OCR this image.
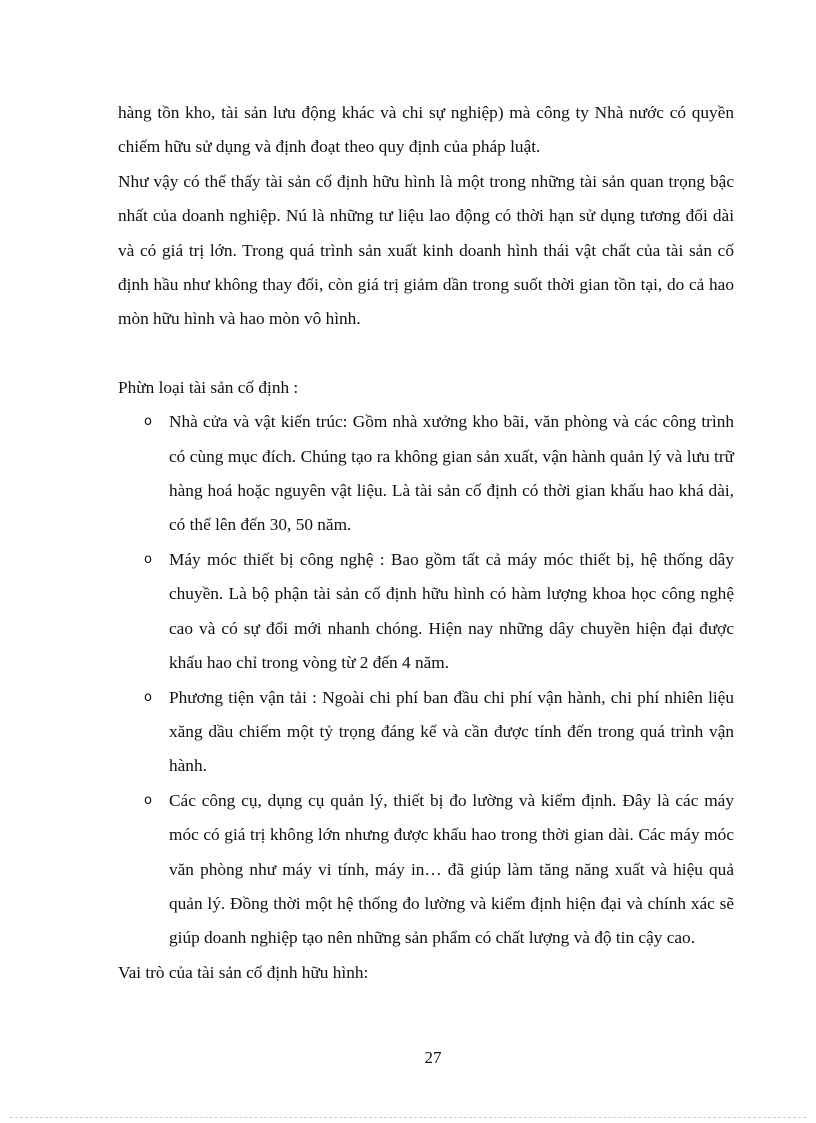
hàng tồn kho, tài sản lưu động khác và chi sự nghiệp) mà công ty Nhà nước có quyền chiếm hữu sử dụng và định đoạt theo quy định của pháp luật.

Như vậy có thể thấy tài sản cố định hữu hình là một trong những tài sản quan trọng bậc nhất của doanh nghiệp. Nú là những tư liệu lao động có thời hạn sử dụng tương đối dài và có giá trị lớn. Trong quá trình sản xuất kinh doanh hình thái vật chất của tài sản cố định hầu như không thay đổi, còn giá trị giảm dần trong suốt thời gian tồn tại, do cả hao mòn hữu hình và hao mòn vô hình.

Phừn loại tài sản cố định :

o Nhà cửa và vật kiến trúc: Gồm nhà xưởng kho bãi, văn phòng và các công trình có cùng mục đích. Chúng tạo ra không gian sản xuất, vận hành quản lý và lưu trữ hàng hoá hoặc nguyên vật liệu. Là tài sản cố định có thời gian khấu hao khá dài, có thể lên đến 30, 50 năm.
o Máy móc thiết bị công nghệ : Bao gồm tất cả máy móc thiết bị, hệ thống dây chuyền. Là bộ phận tài sản cố định hữu hình có hàm lượng khoa học công nghệ cao và có sự đổi mới nhanh chóng. Hiện nay những dây chuyền hiện đại được khấu hao chỉ trong vòng từ 2 đến 4 năm.
o Phương tiện vận tải : Ngoài chi phí ban đầu chi phí vận hành, chi phí nhiên liệu xăng dầu chiếm một tỷ trọng đáng kể và cần được tính đến trong quá trình vận hành.
o Các công cụ, dụng cụ quản lý, thiết bị đo lường và kiểm định. Đây là các máy móc có giá trị không lớn nhưng được khấu hao trong thời gian dài. Các máy móc văn phòng như máy vi tính, máy in… đã giúp làm tăng năng xuất và hiệu quả quản lý. Đồng thời một hệ thống đo lường và kiểm định hiện đại và chính xác sẽ giúp doanh nghiệp tạo nên những sản phẩm có chất lượng và độ tin cậy cao.

Vai trò của tài sản cố định hữu hình:

27
